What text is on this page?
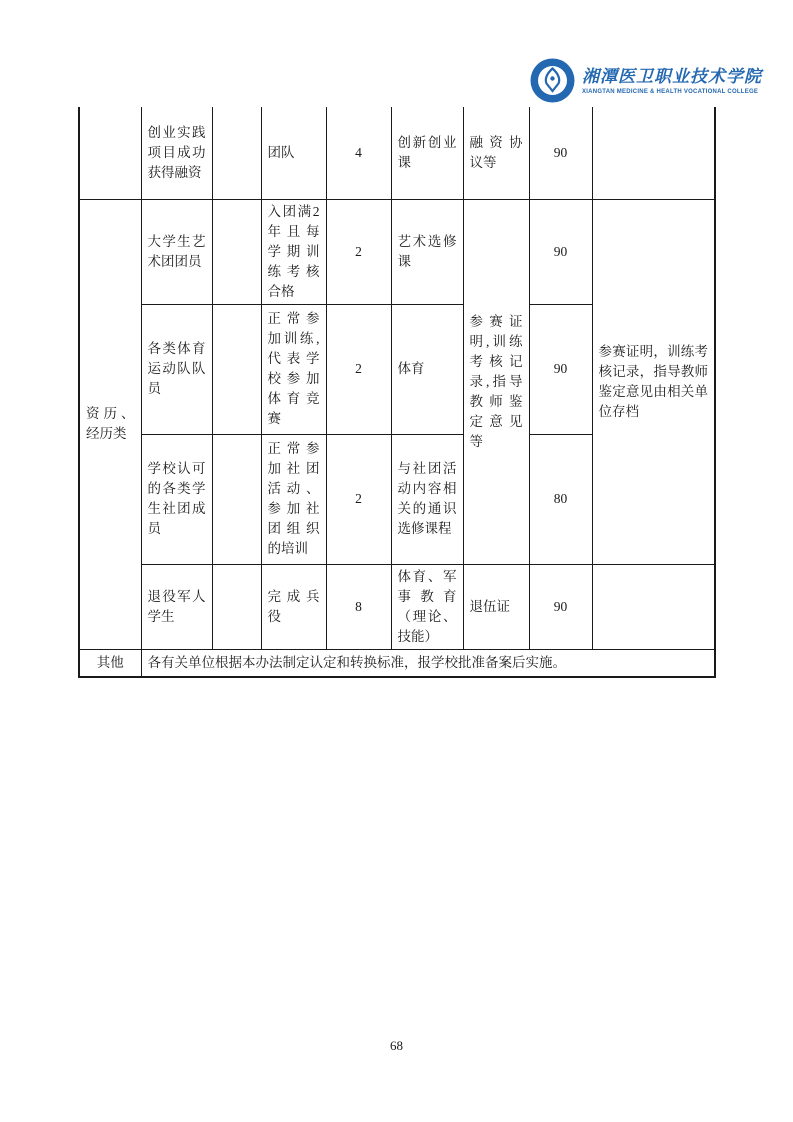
湘潭医卫职业技术学院
XIANGTAN MEDICINE & HEALTH VOCATIONAL COLLEGE
	创业实践项目成功获得融资		团队	4	创新创业课	融资协议等	90	
资历、经历类	大学生艺术团团员		入团满2年且每学期训练考核合格	2	艺术选修课	参赛证明,训练考核记录,指导教师鉴定意见等	90	参赛证明，训练考核记录，指导教师鉴定意见由相关单位存档
	各类体育运动队队员		正常参加训练,代表学校参加体育竞赛	2	体育		90	
	学校认可的各类学生社团成员		正常参加社团活动、参加社团组织的培训	2	与社团活动内容相关的通识选修课程		80	
	退役军人学生		完成兵役	8	体育、军事教育（理论、技能）	退伍证	90	
其他	各有关单位根据本办法制定认定和转换标准，报学校批准备案后实施。							
68
